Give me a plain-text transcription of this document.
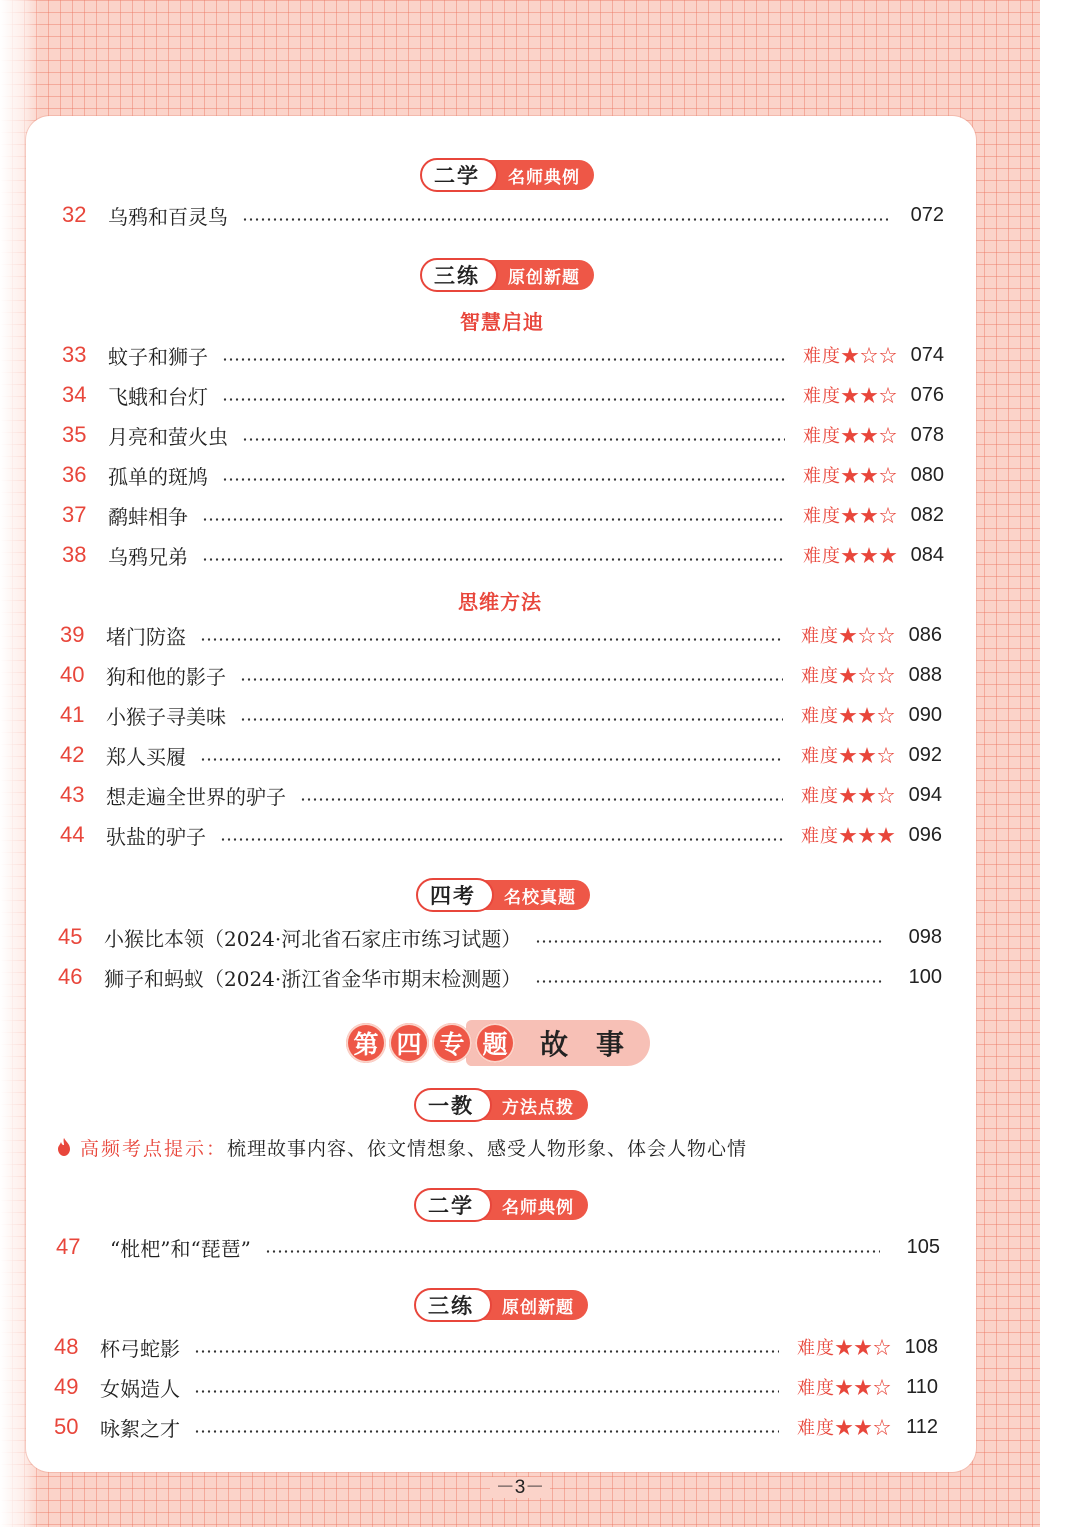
二学	名师典例
32	乌鸦和百灵鸟	072
三练	原创新题
智慧启迪
33	蚊子和狮子	难度★☆☆ 074
34	飞蛾和台灯	难度★★☆ 076
35	月亮和萤火虫	难度★★☆ 078
36	孤单的斑鸠	难度★★☆ 080
37	鹬蚌相争	难度★★☆ 082
38	乌鸦兄弟	难度★★★ 084
思维方法
39	堵门防盗	难度★☆☆ 086
40	狗和他的影子	难度★☆☆ 088
41	小猴子寻美味	难度★★☆ 090
42	郑人买履	难度★★☆ 092
43	想走遍全世界的驴子	难度★★☆ 094
44	驮盐的驴子	难度★★★ 096
四考	名校真题
45	小猴比本领（2024·河北省石家庄市练习试题）	098
46	狮子和蚂蚁（2024·浙江省金华市期末检测题）	100
第 四 专 题 故事
一教	方法点拨
高频考点提示： 梳理故事内容、依文情想象、感受人物形象、体会人物心情
二学	名师典例
47	“枇杷”和“琵琶”	105
三练	原创新题
48	杯弓蛇影	难度★★☆ 108
49	女娲造人	难度★★☆ 110
50	咏絮之才	难度★★☆ 112
－3－
